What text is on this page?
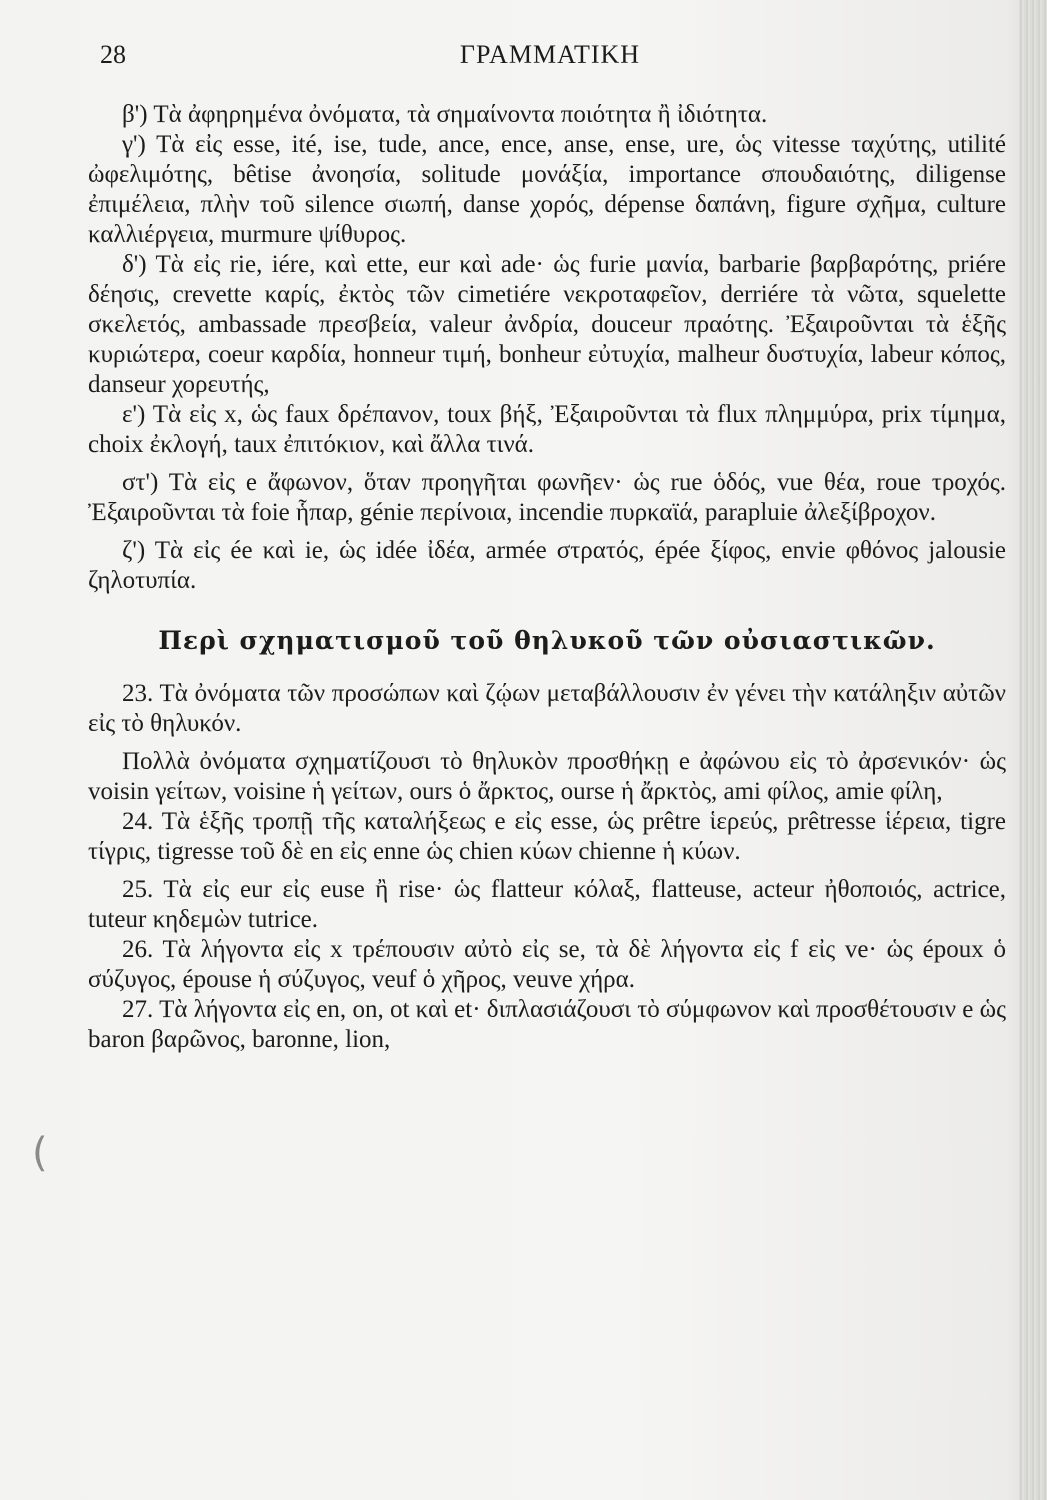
28	ΓΡΑΜΜΑΤΙΚΗ

β') Τὰ ἀφηρημένα ὀνόματα, τὰ σημαίνοντα ποιότητα ἢ ἰδιότητα.

γ') Τὰ εἰς esse, ité, ise, tude, ance, ence, anse, ense, ure, ὡς vitesse ταχύτης, utilité ὠφελιμότης, bêtise ἀνοησία, solitude μονάξία, importance σπουδαιότης, diligense ἐπιμέλεια, πλὴν τοῦ silence σιωπή, danse χορός, dépense δαπάνη, figure σχῆμα, culture καλλιέργεια, murmure ψίθυρος.

δ') Τὰ εἰς rie, iére, καὶ ette, eur καὶ ade· ὡς furie μανία, barbarie βαρβαρότης, priére δέησις, crevette καρίς, ἐκτὸς τῶν cimetiére νεκροταφεῖον, derriére τὰ νῶτα, squelette σκελετός, ambassade πρεσβεία, valeur ἀνδρία, douceur πραότης. Ἐξαιροῦνται τὰ ἑξῆς κυριώτερα, coeur καρδία, honneur τιμή, bonheur εὐτυχία, malheur δυστυχία, labeur κόπος, danseur χορευτής,

ε') Τὰ εἰς x, ὡς faux δρέπανον, toux βήξ, Ἐξαιροῦνται τὰ flux πλημμύρα, prix τίμημα, choix ἐκλογή, taux ἐπιτόκιον, καὶ ἄλλα τινά.

στ') Τὰ εἰς e ἄφωνον, ὅταν προηγῆται φωνῆεν· ὡς rue ὁδός, vue θέα, roue τροχός. Ἐξαιροῦνται τὰ foie ἧπαρ, génie περίνοια, incendie πυρκαϊά, parapluie ἀλεξίβροχον.

ζ') Τὰ εἰς ée καὶ ie, ὡς idée ἰδέα, armée στρατός, épée ξίφος, envie φθόνος jalousie ζηλοτυπία.

Περὶ σχηματισμοῦ τοῦ θηλυκοῦ τῶν οὐσιαστικῶν.

23. Τὰ ὀνόματα τῶν προσώπων καὶ ζῴων μεταβάλλουσιν ἐν γένει τὴν κατάληξιν αὐτῶν εἰς τὸ θηλυκόν.

Πολλὰ ὀνόματα σχηματίζουσι τὸ θηλυκὸν προσθήκῃ e ἀφώνου εἰς τὸ ἀρσενικόν· ὡς voisin γείτων, voisine ἡ γείτων, ours ὁ ἄρκτος, ourse ἡ ἄρκτὸς, ami φίλος, amie φίλη,

24. Τὰ ἑξῆς τροπῇ τῆς καταλήξεως e εἰς esse, ὡς prêtre ἱερεύς, prêtresse ἱέρεια, tigre τίγρις, tigresse τοῦ δὲ en εἰς enne ὡς chien κύων chienne ἡ κύων.

25. Τὰ εἰς eur εἰς euse ἢ rise· ὡς flatteur κόλαξ, flatteuse, acteur ἠθοποιός, actrice, tuteur κηδεμὼν tutrice.

26. Τὰ λήγοντα εἰς x τρέπουσιν αὐτὸ εἰς se, τὰ δὲ λήγοντα εἰς f εἰς ve· ὡς époux ὁ σύζυγος, épouse ἡ σύζυγος, veuf ὁ χῆρος, veuve χήρα.

27. Τὰ λήγοντα εἰς en, on, ot καὶ et· διπλασιάζουσι τὸ σύμφωνον καὶ προσθέτουσιν e ὡς baron βαρῶνος, baronne, lion,

(
